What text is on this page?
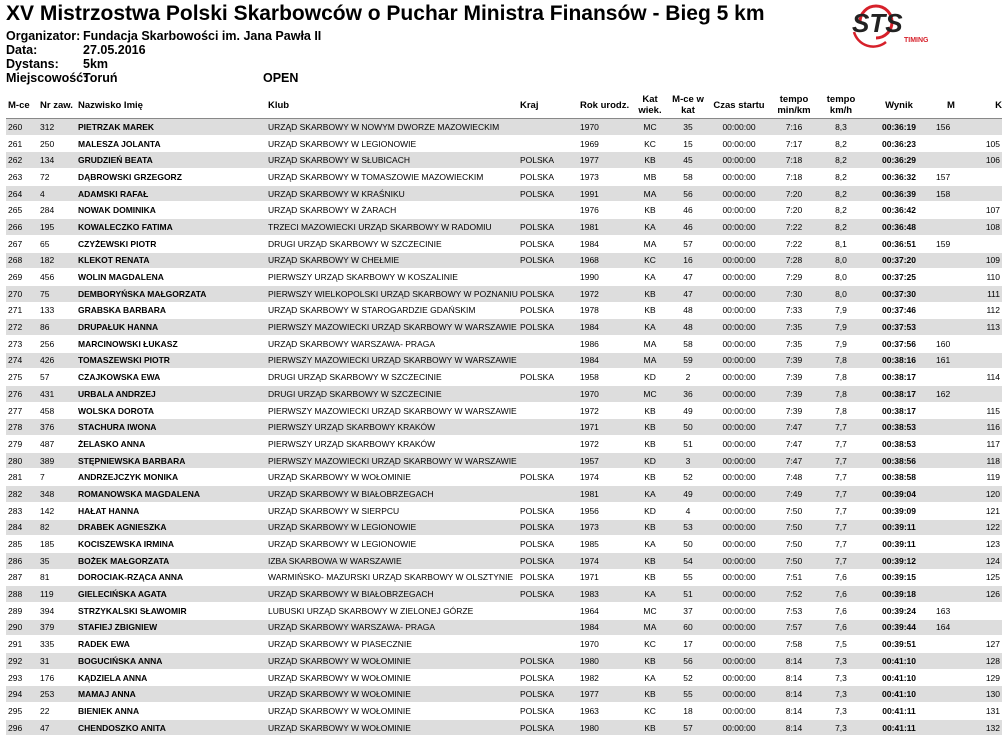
XV Mistrzostwa Polski Skarbowców o Puchar Ministra Finansów - Bieg 5 km
Organizator: Fundacja Skarbowości im. Jana Pawła II
Data:	27.05.2016
Dystans: 5km
Miejscowość:Toruń	OPEN
STS
TIMING
M-ce	Nr zaw.	Nazwisko Imię	Klub	Kraj	Rok urodz.	Kat
wiek.	M-ce w
kat	Czas startu	tempo
min/km	tempo
km/h	Wynik	M	K
260	312	PIETRZAK MAREK	URZĄD SKARBOWY W NOWYM DWORZE MAZOWIECKIM		1970	MC	35	00:00:00	7:16	8,3	00:36:19	156	
261	250	MALESZA JOLANTA	URZĄD SKARBOWY W LEGIONOWIE		1969	KC	15	00:00:00	7:17	8,2	00:36:23		105
262	134	GRUDZIEŃ BEATA	URZĄD SKARBOWY W SŁUBICACH	POLSKA	1977	KB	45	00:00:00	7:18	8,2	00:36:29		106
263	72	DĄBROWSKI GRZEGORZ	URZĄD SKARBOWY W TOMASZOWIE MAZOWIECKIM	POLSKA	1973	MB	58	00:00:00	7:18	8,2	00:36:32	157	
264	4	ADAMSKI RAFAŁ	URZĄD SKARBOWY W KRAŚNIKU	POLSKA	1991	MA	56	00:00:00	7:20	8,2	00:36:39	158	
265	284	NOWAK DOMINIKA	URZĄD SKARBOWY W ŻARACH		1976	KB	46	00:00:00	7:20	8,2	00:36:42		107
266	195	KOWALECZKO FATIMA	TRZECI MAZOWIECKI URZĄD SKARBOWY W RADOMIU	POLSKA	1981	KA	46	00:00:00	7:22	8,2	00:36:48		108
267	65	CZYŻEWSKI PIOTR	DRUGI URZĄD SKARBOWY W SZCZECINIE	POLSKA	1984	MA	57	00:00:00	7:22	8,1	00:36:51	159	
268	182	KLEKOT RENATA	URZĄD SKARBOWY W CHEŁMIE	POLSKA	1968	KC	16	00:00:00	7:28	8,0	00:37:20		109
269	456	WOLIN MAGDALENA	PIERWSZY URZĄD SKARBOWY W KOSZALINIE		1990	KA	47	00:00:00	7:29	8,0	00:37:25		110
270	75	DEMBORYŃSKA MAŁGORZATA	PIERWSZY WIELKOPOLSKI URZĄD SKARBOWY W POZNANIU	POLSKA	1972	KB	47	00:00:00	7:30	8,0	00:37:30		111
271	133	GRABSKA BARBARA	URZĄD SKARBOWY W STAROGARDZIE GDAŃSKIM	POLSKA	1978	KB	48	00:00:00	7:33	7,9	00:37:46		112
272	86	DRUPAŁUK HANNA	PIERWSZY MAZOWIECKI URZĄD SKARBOWY W WARSZAWIE	POLSKA	1984	KA	48	00:00:00	7:35	7,9	00:37:53		113
273	256	MARCINOWSKI ŁUKASZ	URZĄD SKARBOWY WARSZAWA- PRAGA		1986	MA	58	00:00:00	7:35	7,9	00:37:56	160	
274	426	TOMASZEWSKI PIOTR	PIERWSZY MAZOWIECKI URZĄD SKARBOWY W WARSZAWIE		1984	MA	59	00:00:00	7:39	7,8	00:38:16	161	
275	57	CZAJKOWSKA EWA	DRUGI URZĄD SKARBOWY W SZCZECINIE	POLSKA	1958	KD	2	00:00:00	7:39	7,8	00:38:17		114
276	431	URBALA ANDRZEJ	DRUGI URZĄD SKARBOWY W SZCZECINIE		1970	MC	36	00:00:00	7:39	7,8	00:38:17	162	
277	458	WOLSKA DOROTA	PIERWSZY MAZOWIECKI URZĄD SKARBOWY W WARSZAWIE		1972	KB	49	00:00:00	7:39	7,8	00:38:17		115
278	376	STACHURA IWONA	PIERWSZY URZĄD SKARBOWY KRAKÓW		1971	KB	50	00:00:00	7:47	7,7	00:38:53		116
279	487	ŻELASKO ANNA	PIERWSZY URZĄD SKARBOWY KRAKÓW		1972	KB	51	00:00:00	7:47	7,7	00:38:53		117
280	389	STĘPNIEWSKA BARBARA	PIERWSZY MAZOWIECKI URZĄD SKARBOWY W WARSZAWIE		1957	KD	3	00:00:00	7:47	7,7	00:38:56		118
281	7	ANDRZEJCZYK MONIKA	URZĄD SKARBOWY W WOŁOMINIE	POLSKA	1974	KB	52	00:00:00	7:48	7,7	00:38:58		119
282	348	ROMANOWSKA MAGDALENA	URZĄD SKARBOWY W BIAŁOBRZEGACH		1981	KA	49	00:00:00	7:49	7,7	00:39:04		120
283	142	HAŁAT HANNA	URZĄD SKARBOWY W SIERPCU	POLSKA	1956	KD	4	00:00:00	7:50	7,7	00:39:09		121
284	82	DRABEK AGNIESZKA	URZĄD SKARBOWY W LEGIONOWIE	POLSKA	1973	KB	53	00:00:00	7:50	7,7	00:39:11		122
285	185	KOCISZEWSKA IRMINA	URZĄD SKARBOWY W LEGIONOWIE	POLSKA	1985	KA	50	00:00:00	7:50	7,7	00:39:11		123
286	35	BOŻEK MAŁGORZATA	IZBA SKARBOWA W WARSZAWIE	POLSKA	1974	KB	54	00:00:00	7:50	7,7	00:39:12		124
287	81	DOROCIAK-RZĄCA ANNA	WARMIŃSKO- MAZURSKI URZĄD SKARBOWY W OLSZTYNIE	POLSKA	1971	KB	55	00:00:00	7:51	7,6	00:39:15		125
288	119	GIELECIŃSKA AGATA	URZĄD SKARBOWY W BIAŁOBRZEGACH	POLSKA	1983	KA	51	00:00:00	7:52	7,6	00:39:18		126
289	394	STRZYKALSKI SŁAWOMIR	LUBUSKI URZĄD SKARBOWY W ZIELONEJ GÓRZE		1964	MC	37	00:00:00	7:53	7,6	00:39:24	163	
290	379	STAFIEJ ZBIGNIEW	URZĄD SKARBOWY WARSZAWA- PRAGA		1984	MA	60	00:00:00	7:57	7,6	00:39:44	164	
291	335	RADEK EWA	URZĄD SKARBOWY W PIASECZNIE		1970	KC	17	00:00:00	7:58	7,5	00:39:51		127
292	31	BOGUCIŃSKA ANNA	URZĄD SKARBOWY W WOŁOMINIE	POLSKA	1980	KB	56	00:00:00	8:14	7,3	00:41:10		128
293	176	KĄDZIELA ANNA	URZĄD SKARBOWY W WOŁOMINIE	POLSKA	1982	KA	52	00:00:00	8:14	7,3	00:41:10		129
294	253	MAMAJ ANNA	URZĄD SKARBOWY W WOŁOMINIE	POLSKA	1977	KB	55	00:00:00	8:14	7,3	00:41:10		130
295	22	BIENIEK ANNA	URZĄD SKARBOWY W WOŁOMINIE	POLSKA	1963	KC	18	00:00:00	8:14	7,3	00:41:11		131
296	47	CHENDOSZKO ANITA	URZĄD SKARBOWY W WOŁOMINIE	POLSKA	1980	KB	57	00:00:00	8:14	7,3	00:41:11		132
